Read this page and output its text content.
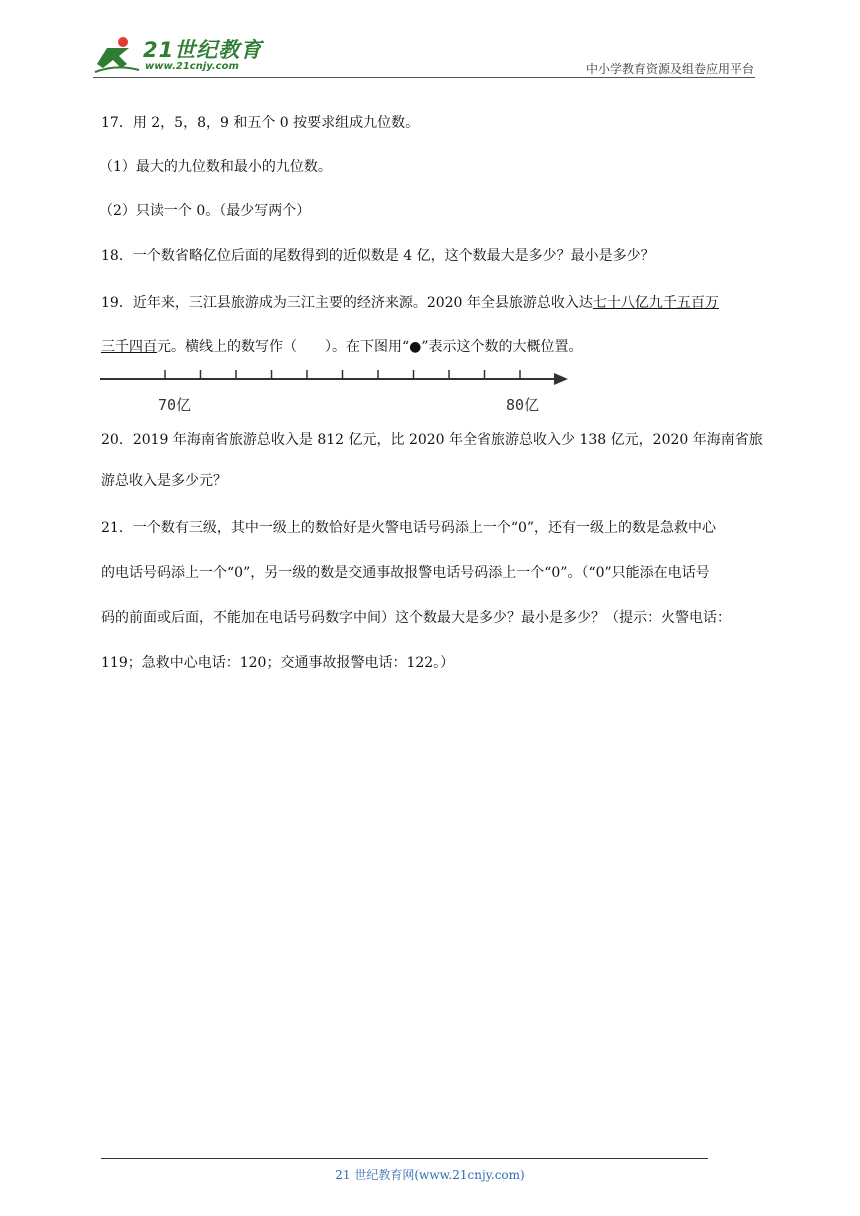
21世纪教育
www.21cnjy.com	中小学教育资源及组卷应用平台
17．用 2，5，8，9 和五个 0 按要求组成九位数。
（1）最大的九位数和最小的九位数。
（2）只读一个 0。（最少写两个）
18．一个数省略亿位后面的尾数得到的近似数是 4 亿，这个数最大是多少？最小是多少？
19．近年来，三江县旅游成为三江主要的经济来源。2020 年全县旅游总收入达七十八亿九千五百万
三千四百元。横线上的数写作（　　）。在下图用“●”表示这个数的大概位置。
70亿	80亿
20．2019 年海南省旅游总收入是 812 亿元，比 2020 年全省旅游总收入少 138 亿元，2020 年海南省旅
游总收入是多少元？
21．一个数有三级，其中一级上的数恰好是火警电话号码添上一个“0”，还有一级上的数是急救中心
的电话号码添上一个“0”，另一级的数是交通事故报警电话号码添上一个“0”。（“0”只能添在电话号
码的前面或后面，不能加在电话号码数字中间）这个数最大是多少？最小是多少？（提示：火警电话：
119；急救中心电话：120；交通事故报警电话：122。）
21 世纪教育网(www.21cnjy.com)
